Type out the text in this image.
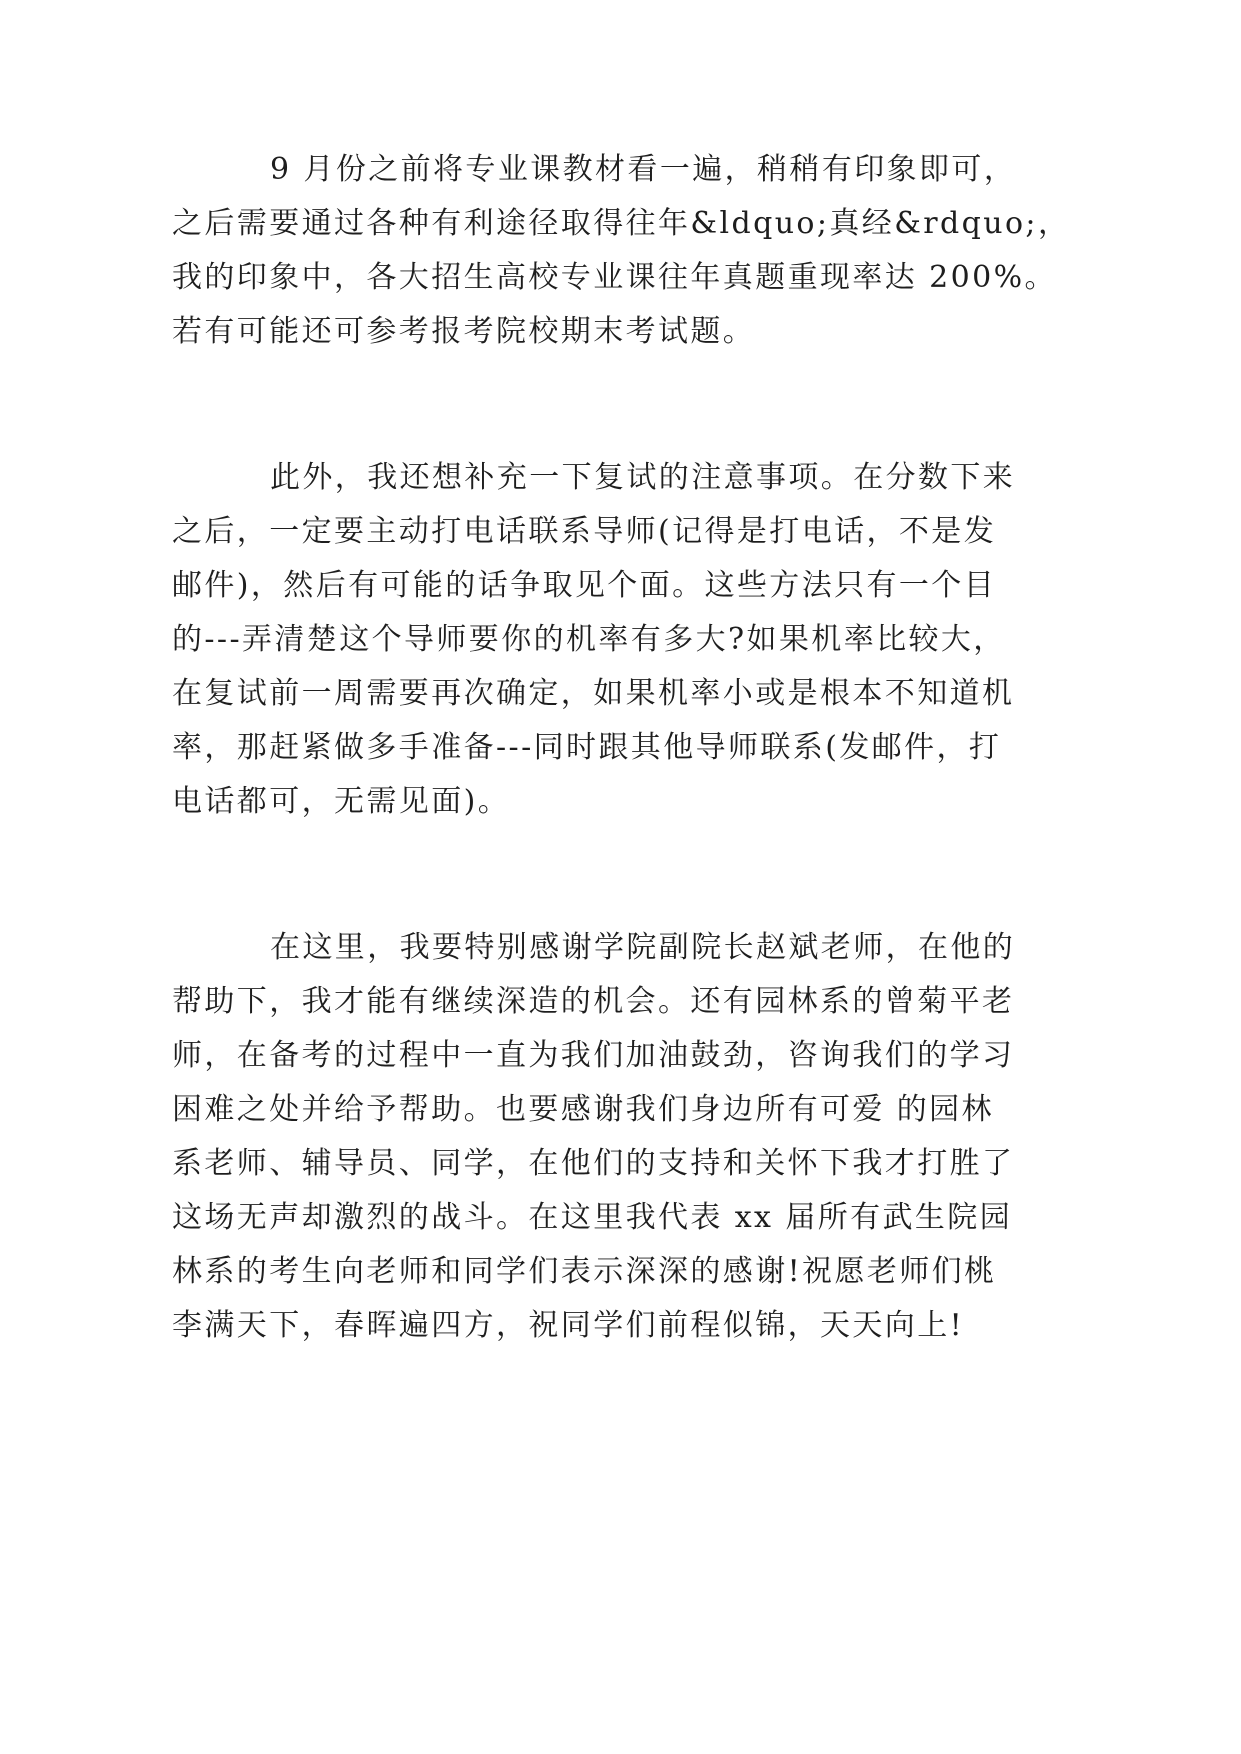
9 月份之前将专业课教材看一遍，稍稍有印象即可，

之后需要通过各种有利途径取得往年&ldquo;真经&rdquo;，

我的印象中，各大招生高校专业课往年真题重现率达 200%。

若有可能还可参考报考院校期末考试题。

此外，我还想补充一下复试的注意事项。在分数下来

之后，一定要主动打电话联系导师(记得是打电话，不是发

邮件)，然后有可能的话争取见个面。这些方法只有一个目

的---弄清楚这个导师要你的机率有多大?如果机率比较大，

在复试前一周需要再次确定，如果机率小或是根本不知道机

率，那赶紧做多手准备---同时跟其他导师联系(发邮件，打

电话都可，无需见面)。

在这里，我要特别感谢学院副院长赵斌老师，在他的

帮助下，我才能有继续深造的机会。还有园林系的曾菊平老

师，在备考的过程中一直为我们加油鼓劲，咨询我们的学习

困难之处并给予帮助。也要感谢我们身边所有可爱 的园林

系老师、辅导员、同学，在他们的支持和关怀下我才打胜了

这场无声却激烈的战斗。在这里我代表 xx 届所有武生院园

林系的考生向老师和同学们表示深深的感谢!祝愿老师们桃

李满天下，春晖遍四方，祝同学们前程似锦，天天向上!
